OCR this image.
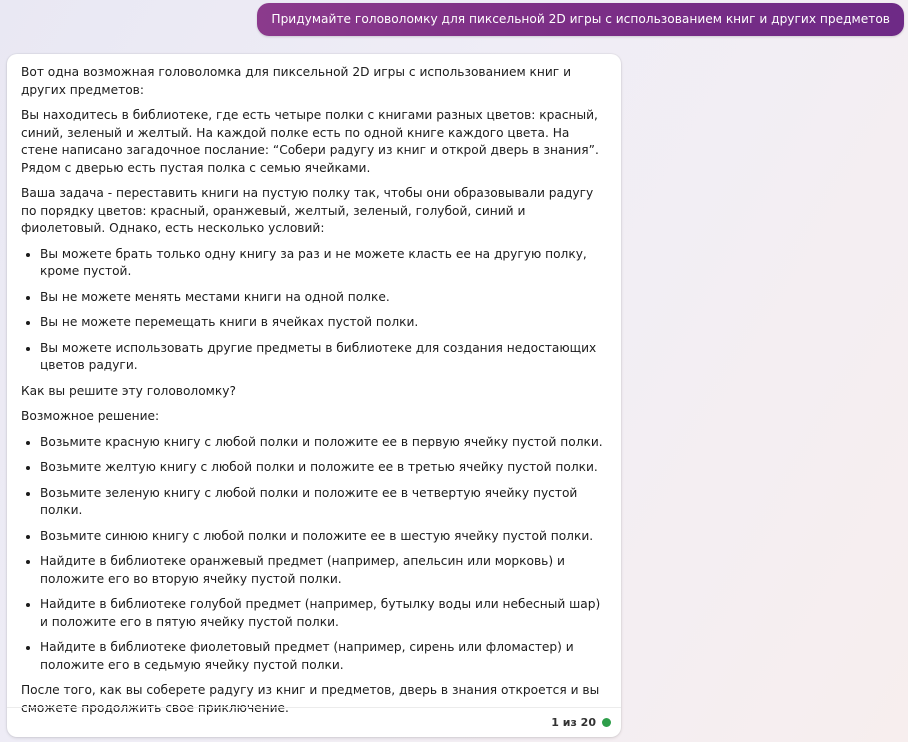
Придумайте головоломку для пиксельной 2D игры с использованием книг и других предметов

Вот одна возможная головоломка для пиксельной 2D игры с использованием книг и других предметов:

Вы находитесь в библиотеке, где есть четыре полки с книгами разных цветов: красный, синий, зеленый и желтый. На каждой полке есть по одной книге каждого цвета. На стене написано загадочное послание: “Собери радугу из книг и открой дверь в знания”. Рядом с дверью есть пустая полка с семью ячейками.

Ваша задача - переставить книги на пустую полку так, чтобы они образовывали радугу по порядку цветов: красный, оранжевый, желтый, зеленый, голубой, синий и фиолетовый. Однако, есть несколько условий:

• Вы можете брать только одну книгу за раз и не можете класть ее на другую полку, кроме пустой.
• Вы не можете менять местами книги на одной полке.
• Вы не можете перемещать книги в ячейках пустой полки.
• Вы можете использовать другие предметы в библиотеке для создания недостающих цветов радуги.

Как вы решите эту головоломку?

Возможное решение:

• Возьмите красную книгу с любой полки и положите ее в первую ячейку пустой полки.
• Возьмите желтую книгу с любой полки и положите ее в третью ячейку пустой полки.
• Возьмите зеленую книгу с любой полки и положите ее в четвертую ячейку пустой полки.
• Возьмите синюю книгу с любой полки и положите ее в шестую ячейку пустой полки.
• Найдите в библиотеке оранжевый предмет (например, апельсин или морковь) и положите его во вторую ячейку пустой полки.
• Найдите в библиотеке голубой предмет (например, бутылку воды или небесный шар) и положите его в пятую ячейку пустой полки.
• Найдите в библиотеке фиолетовый предмет (например, сирень или фломастер) и положите его в седьмую ячейку пустой полки.

После того, как вы соберете радугу из книг и предметов, дверь в знания откроется и вы сможете продолжить свое приключение.

1 из 20
